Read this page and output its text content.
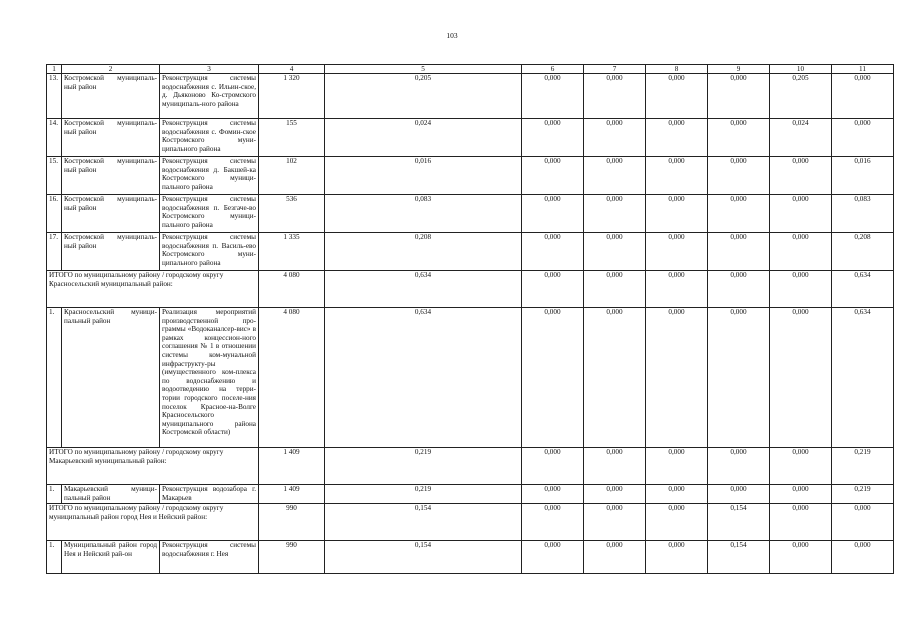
103
1	2	3	4	5	6	7	8	9	10	11
13.	Костромской муниципаль-ный район	Реконструкция системы водоснабжения с. Ильин-ское, д. Дьяконово Ко-стромского муниципаль-ного района	1 320	0,205	0,000	0,000	0,000	0,000	0,205	0,000
14.	Костромской муниципаль-ный район	Реконструкция системы водоснабжения с. Фомин-ское Костромского муни-ципального района	155	0,024	0,000	0,000	0,000	0,000	0,024	0,000
15.	Костромской муниципаль-ный район	Реконструкция системы водоснабжения д. Бакшей-ка Костромского муници-пального района	102	0,016	0,000	0,000	0,000	0,000	0,000	0,016
16.	Костромской муниципаль-ный район	Реконструкция системы водоснабжения п. Безгаче-во Костромского муници-пального района	536	0,083	0,000	0,000	0,000	0,000	0,000	0,083
17.	Костромской муниципаль-ный район	Реконструкция системы водоснабжения п. Василь-ево Костромского муни-ципального района	1 335	0,208	0,000	0,000	0,000	0,000	0,000	0,208
ИТОГО по муниципальному району / городскому округу Красносельский муниципальный район:			4 080	0,634	0,000	0,000	0,000	0,000	0,000	0,634
1.	Красносельский муници-пальный район	Реализация мероприятий производственной про-граммы «Водоканалсер-вис» в рамках концессион-ного соглашения № 1 в отношении системы ком-мунальной инфраструкту-ры (имущественного ком-плекса по водоснабжению и водоотведению на терри-тории городского поселе-ния поселок Красное-на-Волге Красносельского муниципального района Костромской области)	4 080	0,634	0,000	0,000	0,000	0,000	0,000	0,634
ИТОГО по муниципальному району / городскому округу Макарьевский муниципальный район:			1 409	0,219	0,000	0,000	0,000	0,000	0,000	0,219
1.	Макарьевский муници-пальный район	Реконструкция водозабора г. Макарьев	1 409	0,219	0,000	0,000	0,000	0,000	0,000	0,219
ИТОГО по муниципальному району / городскому округу муниципальный район город Нея и Нейский район:			990	0,154	0,000	0,000	0,000	0,154	0,000	0,000
1.	Муниципальный район город Нея и Нейский рай-он	Реконструкция системы водоснабжения г. Нея	990	0,154	0,000	0,000	0,000	0,154	0,000	0,000
